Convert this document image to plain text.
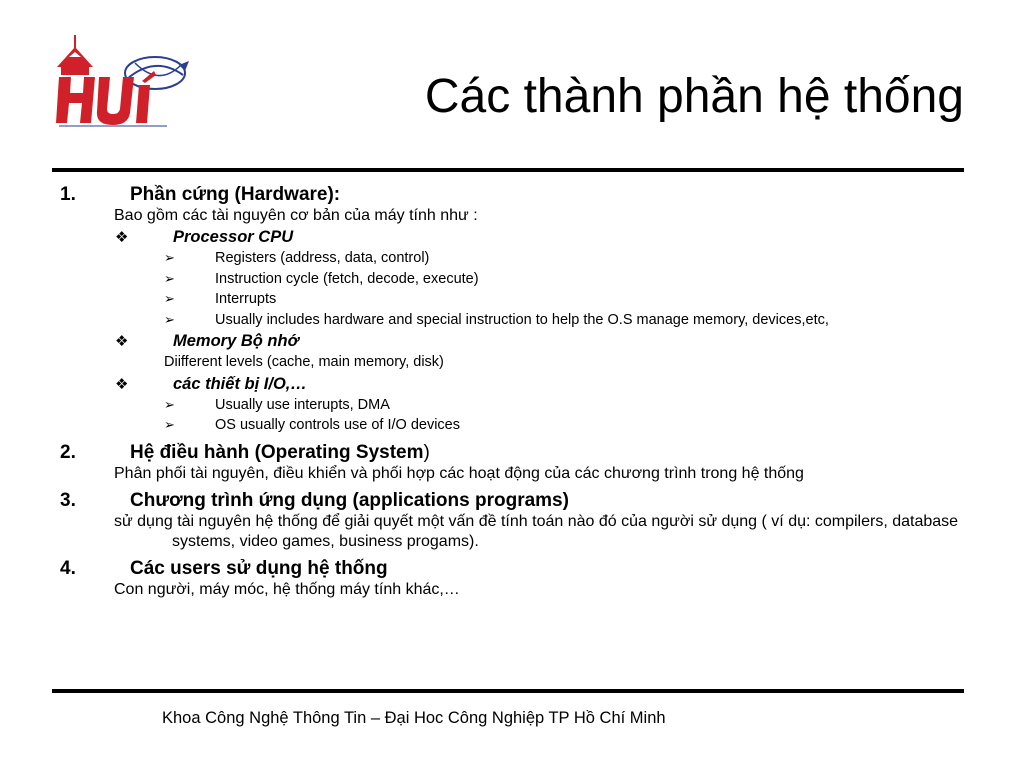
Các thành phần hệ thống
1.	Phần cứng (Hardware):
Bao gồm các tài nguyên cơ bản của máy tính như :
❖	Processor CPU
➢	Registers (address, data, control)
➢	Instruction cycle (fetch, decode, execute)
➢	Interrupts
➢	Usually includes hardware and special instruction to help the O.S manage memory, devices,etc,
❖	Memory Bộ nhớ
Diifferent levels (cache, main memory, disk)
❖	các thiết bị I/O,…
➢	Usually use interupts, DMA
➢	OS usually controls use of I/O devices
2.	Hệ điều hành (Operating System)
Phân phối tài nguyên, điều khiển và phối hợp các hoạt động của các chương trình trong hệ thống
3.	Chương trình ứng dụng (applications programs)
sử dụng tài nguyên hệ thống để giải quyết một vấn đề tính toán nào đó của người sử dụng ( ví dụ: compilers, database systems, video games, business progams).
4.	Các users sử dụng hệ thống
Con người, máy móc, hệ thống máy tính khác,…
Khoa Công Nghệ Thông Tin – Đại Hoc Công Nghiệp TP Hồ Chí Minh
